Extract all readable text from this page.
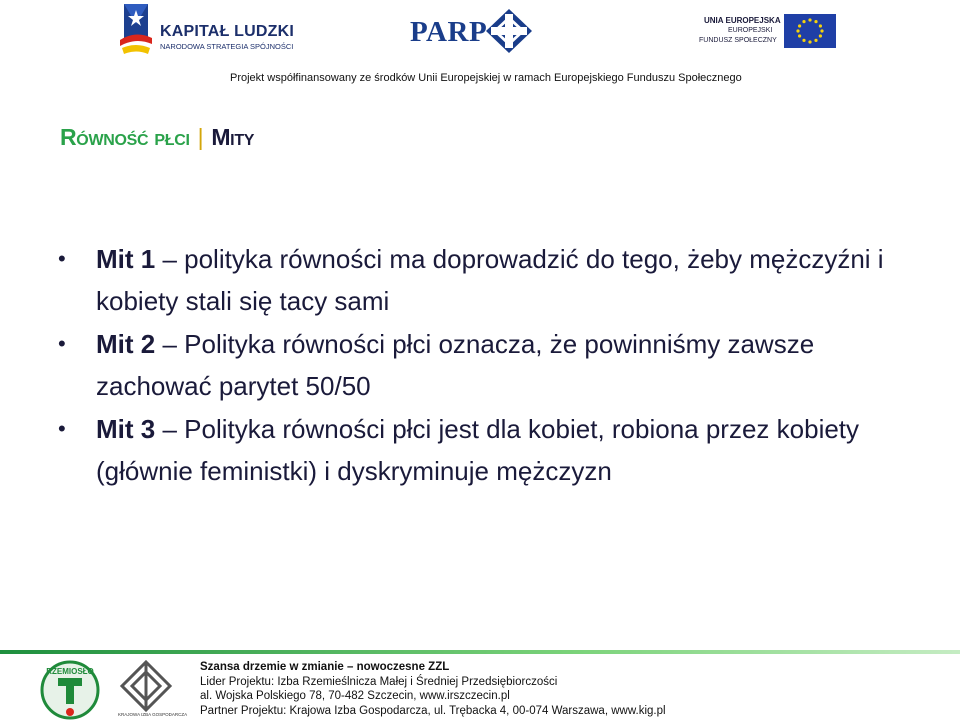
KAPITAŁ LUDZKI
NARODOWA STRATEGIA SPÓJNOŚCI	PARP	UNIA EUROPEJSKA
EUROPEJSKI
FUNDUSZ SPOŁECZNY
Projekt współfinansowany ze środków Unii Europejskiej w ramach Europejskiego Funduszu Społecznego
Równość płci | Mity
•	Mit 1 – polityka równości ma doprowadzić do tego, żeby mężczyźni i kobiety stali się tacy sami
•	Mit 2 – Polityka równości płci oznacza, że powinniśmy zawsze zachować parytet 50/50
•	Mit 3 – Polityka równości płci jest dla kobiet, robiona przez kobiety (głównie feministki) i dyskryminuje mężczyzn
RZEMIOSŁO
KRAJOWA IZBA GOSPODARCZA
Szansa drzemie w zmianie – nowoczesne ZZL
Lider Projektu: Izba Rzemieślnicza Małej i Średniej Przedsiębiorczości
al. Wojska Polskiego 78, 70-482 Szczecin, www.irszczecin.pl
Partner Projektu: Krajowa Izba Gospodarcza, ul. Trębacka 4, 00-074 Warszawa, www.kig.pl
